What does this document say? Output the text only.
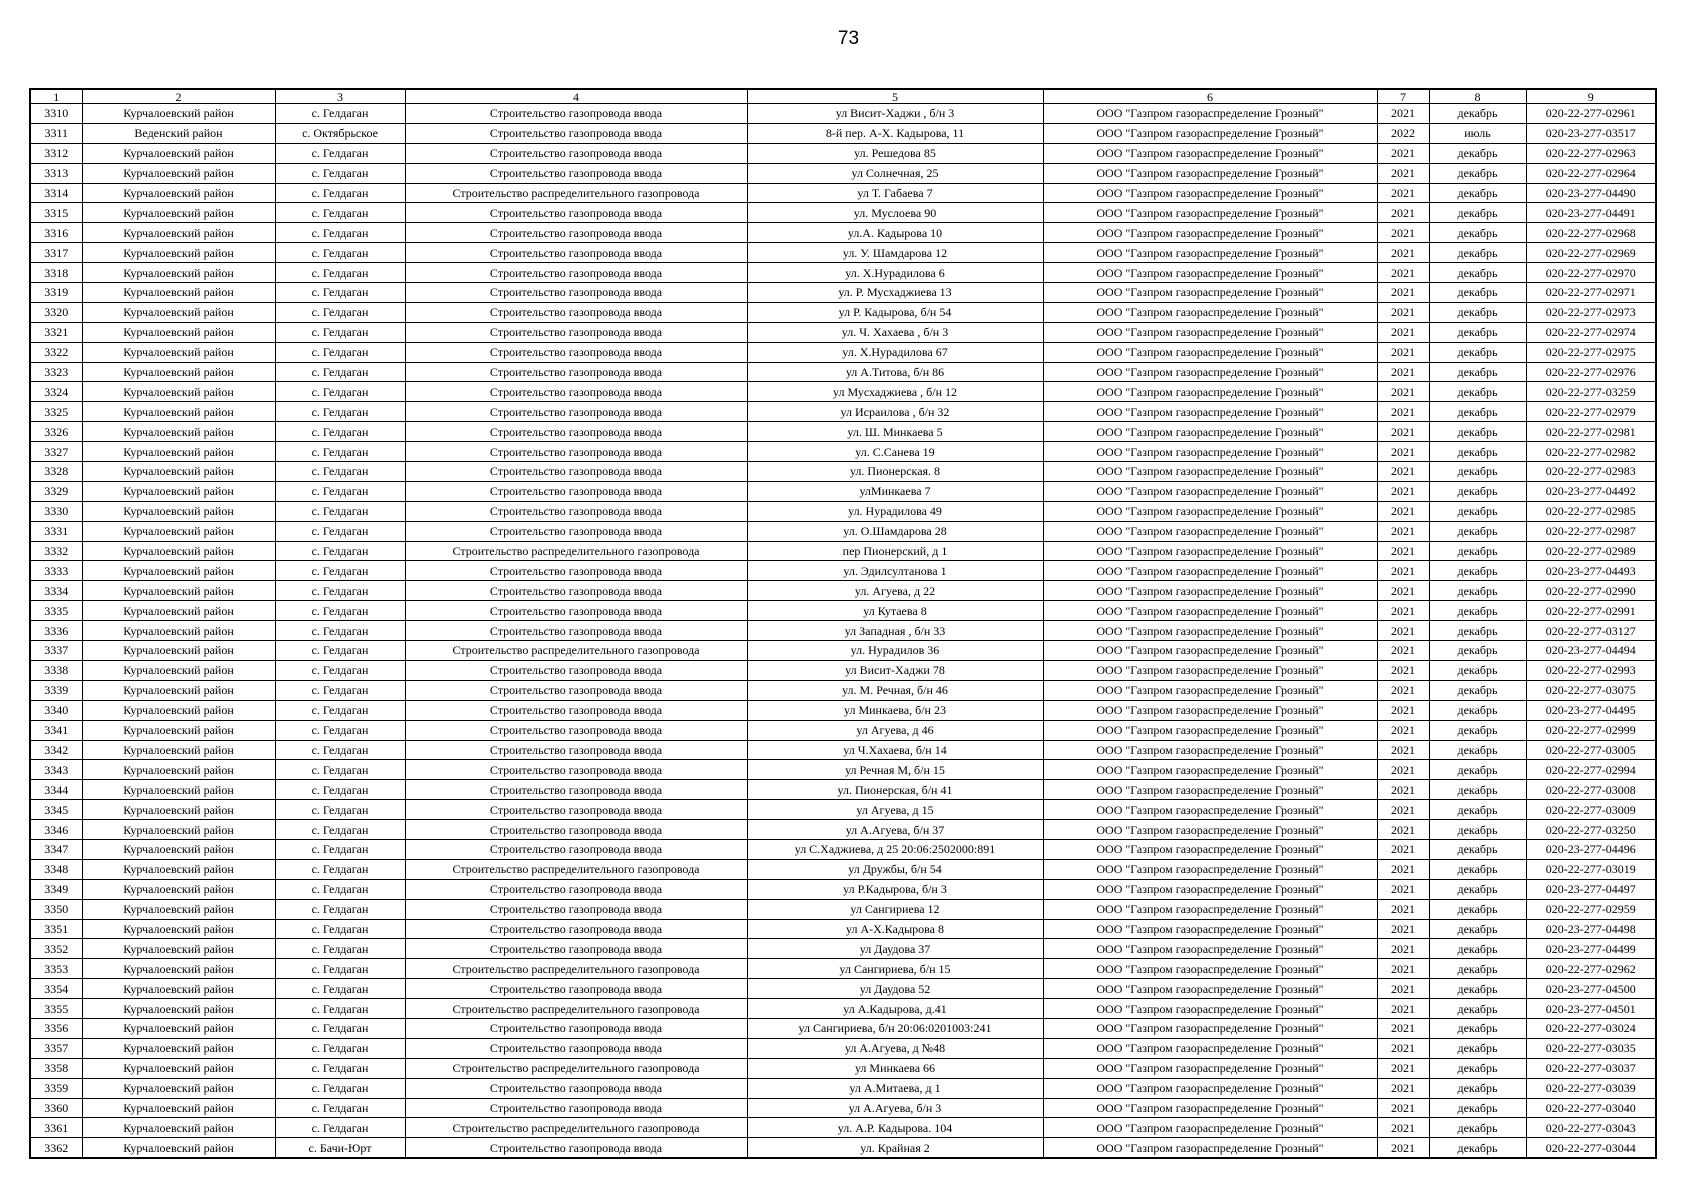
73
1	2	3	4	5	6	7	8	9
3310	Курчалоевский район	с. Гелдаган	Строительство газопровода ввода	ул Висит-Хаджи , б/н 3	ООО "Газпром газораспределение Грозный"	2021	декабрь	020-22-277-02961
3311	Веденский район	с. Октябрьское	Строительство газопровода ввода	8-й пер. А-Х. Кадырова, 11	ООО "Газпром газораспределение Грозный"	2022	июль	020-23-277-03517
3312	Курчалоевский район	с. Гелдаган	Строительство газопровода ввода	ул. Решедова 85	ООО "Газпром газораспределение Грозный"	2021	декабрь	020-22-277-02963
3313	Курчалоевский район	с. Гелдаган	Строительство газопровода ввода	ул Солнечная, 25	ООО "Газпром газораспределение Грозный"	2021	декабрь	020-22-277-02964
3314	Курчалоевский район	с. Гелдаган	Строительство распределительного газопровода	ул Т. Габаева 7	ООО "Газпром газораспределение Грозный"	2021	декабрь	020-23-277-04490
3315	Курчалоевский район	с. Гелдаган	Строительство газопровода ввода	ул. Муслоева 90	ООО "Газпром газораспределение Грозный"	2021	декабрь	020-23-277-04491
3316	Курчалоевский район	с. Гелдаган	Строительство газопровода ввода	ул.А. Кадырова 10	ООО "Газпром газораспределение Грозный"	2021	декабрь	020-22-277-02968
3317	Курчалоевский район	с. Гелдаган	Строительство газопровода ввода	ул. У. Шамдарова 12	ООО "Газпром газораспределение Грозный"	2021	декабрь	020-22-277-02969
3318	Курчалоевский район	с. Гелдаган	Строительство газопровода ввода	ул. Х.Нурадилова 6	ООО "Газпром газораспределение Грозный"	2021	декабрь	020-22-277-02970
3319	Курчалоевский район	с. Гелдаган	Строительство газопровода ввода	ул. Р. Мусхаджиева 13	ООО "Газпром газораспределение Грозный"	2021	декабрь	020-22-277-02971
3320	Курчалоевский район	с. Гелдаган	Строительство газопровода ввода	ул Р. Кадырова, б/н 54	ООО "Газпром газораспределение Грозный"	2021	декабрь	020-22-277-02973
3321	Курчалоевский район	с. Гелдаган	Строительство газопровода ввода	ул. Ч. Хахаева , б/н 3	ООО "Газпром газораспределение Грозный"	2021	декабрь	020-22-277-02974
3322	Курчалоевский район	с. Гелдаган	Строительство газопровода ввода	ул. Х.Нурадилова 67	ООО "Газпром газораспределение Грозный"	2021	декабрь	020-22-277-02975
3323	Курчалоевский район	с. Гелдаган	Строительство газопровода ввода	ул А.Титова, б/н 86	ООО "Газпром газораспределение Грозный"	2021	декабрь	020-22-277-02976
3324	Курчалоевский район	с. Гелдаган	Строительство газопровода ввода	ул Мусхаджиева , б/н 12	ООО "Газпром газораспределение Грозный"	2021	декабрь	020-22-277-03259
3325	Курчалоевский район	с. Гелдаган	Строительство газопровода ввода	ул Исраилова , б/н 32	ООО "Газпром газораспределение Грозный"	2021	декабрь	020-22-277-02979
3326	Курчалоевский район	с. Гелдаган	Строительство газопровода ввода	ул. Ш. Минкаева 5	ООО "Газпром газораспределение Грозный"	2021	декабрь	020-22-277-02981
3327	Курчалоевский район	с. Гелдаган	Строительство газопровода ввода	ул. С.Санева 19	ООО "Газпром газораспределение Грозный"	2021	декабрь	020-22-277-02982
3328	Курчалоевский район	с. Гелдаган	Строительство газопровода ввода	ул. Пионерская. 8	ООО "Газпром газораспределение Грозный"	2021	декабрь	020-22-277-02983
3329	Курчалоевский район	с. Гелдаган	Строительство газопровода ввода	улМинкаева 7	ООО "Газпром газораспределение Грозный"	2021	декабрь	020-23-277-04492
3330	Курчалоевский район	с. Гелдаган	Строительство газопровода ввода	ул. Нурадилова 49	ООО "Газпром газораспределение Грозный"	2021	декабрь	020-22-277-02985
3331	Курчалоевский район	с. Гелдаган	Строительство газопровода ввода	ул. О.Шамдарова 28	ООО "Газпром газораспределение Грозный"	2021	декабрь	020-22-277-02987
3332	Курчалоевский район	с. Гелдаган	Строительство распределительного газопровода	пер Пионерский, д 1	ООО "Газпром газораспределение Грозный"	2021	декабрь	020-22-277-02989
3333	Курчалоевский район	с. Гелдаган	Строительство газопровода ввода	ул. Эдилсултанова 1	ООО "Газпром газораспределение Грозный"	2021	декабрь	020-23-277-04493
3334	Курчалоевский район	с. Гелдаган	Строительство газопровода ввода	ул. Агуева, д 22	ООО "Газпром газораспределение Грозный"	2021	декабрь	020-22-277-02990
3335	Курчалоевский район	с. Гелдаган	Строительство газопровода ввода	ул Кутаева 8	ООО "Газпром газораспределение Грозный"	2021	декабрь	020-22-277-02991
3336	Курчалоевский район	с. Гелдаган	Строительство газопровода ввода	ул Западная , б/н 33	ООО "Газпром газораспределение Грозный"	2021	декабрь	020-22-277-03127
3337	Курчалоевский район	с. Гелдаган	Строительство распределительного газопровода	ул. Нурадилов 36	ООО "Газпром газораспределение Грозный"	2021	декабрь	020-23-277-04494
3338	Курчалоевский район	с. Гелдаган	Строительство газопровода ввода	ул Висит-Хаджи 78	ООО "Газпром газораспределение Грозный"	2021	декабрь	020-22-277-02993
3339	Курчалоевский район	с. Гелдаган	Строительство газопровода ввода	ул. М. Речная, б/н 46	ООО "Газпром газораспределение Грозный"	2021	декабрь	020-22-277-03075
3340	Курчалоевский район	с. Гелдаган	Строительство газопровода ввода	ул Минкаева, б/н 23	ООО "Газпром газораспределение Грозный"	2021	декабрь	020-23-277-04495
3341	Курчалоевский район	с. Гелдаган	Строительство газопровода ввода	ул Агуева, д 46	ООО "Газпром газораспределение Грозный"	2021	декабрь	020-22-277-02999
3342	Курчалоевский район	с. Гелдаган	Строительство газопровода ввода	ул Ч.Хахаева, б/н 14	ООО "Газпром газораспределение Грозный"	2021	декабрь	020-22-277-03005
3343	Курчалоевский район	с. Гелдаган	Строительство газопровода ввода	ул Речная М, б/н 15	ООО "Газпром газораспределение Грозный"	2021	декабрь	020-22-277-02994
3344	Курчалоевский район	с. Гелдаган	Строительство газопровода ввода	ул. Пионерская, б/н 41	ООО "Газпром газораспределение Грозный"	2021	декабрь	020-22-277-03008
3345	Курчалоевский район	с. Гелдаган	Строительство газопровода ввода	ул Агуева, д 15	ООО "Газпром газораспределение Грозный"	2021	декабрь	020-22-277-03009
3346	Курчалоевский район	с. Гелдаган	Строительство газопровода ввода	ул А.Агуева, б/н 37	ООО "Газпром газораспределение Грозный"	2021	декабрь	020-22-277-03250
3347	Курчалоевский район	с. Гелдаган	Строительство газопровода ввода	ул С.Хаджиева, д 25 20:06:2502000:891	ООО "Газпром газораспределение Грозный"	2021	декабрь	020-23-277-04496
3348	Курчалоевский район	с. Гелдаган	Строительство распределительного газопровода	ул Дружбы, б/н 54	ООО "Газпром газораспределение Грозный"	2021	декабрь	020-22-277-03019
3349	Курчалоевский район	с. Гелдаган	Строительство газопровода ввода	ул Р.Кадырова, б/н 3	ООО "Газпром газораспределение Грозный"	2021	декабрь	020-23-277-04497
3350	Курчалоевский район	с. Гелдаган	Строительство газопровода ввода	ул Сангириева 12	ООО "Газпром газораспределение Грозный"	2021	декабрь	020-22-277-02959
3351	Курчалоевский район	с. Гелдаган	Строительство газопровода ввода	ул А-Х.Кадырова 8	ООО "Газпром газораспределение Грозный"	2021	декабрь	020-23-277-04498
3352	Курчалоевский район	с. Гелдаган	Строительство газопровода ввода	ул Даудова 37	ООО "Газпром газораспределение Грозный"	2021	декабрь	020-23-277-04499
3353	Курчалоевский район	с. Гелдаган	Строительство распределительного газопровода	ул Сангириева, б/н 15	ООО "Газпром газораспределение Грозный"	2021	декабрь	020-22-277-02962
3354	Курчалоевский район	с. Гелдаган	Строительство газопровода ввода	ул Даудова 52	ООО "Газпром газораспределение Грозный"	2021	декабрь	020-23-277-04500
3355	Курчалоевский район	с. Гелдаган	Строительство распределительного газопровода	ул А.Кадырова, д.41	ООО "Газпром газораспределение Грозный"	2021	декабрь	020-23-277-04501
3356	Курчалоевский район	с. Гелдаган	Строительство газопровода ввода	ул Сангириева, б/н 20:06:0201003:241	ООО "Газпром газораспределение Грозный"	2021	декабрь	020-22-277-03024
3357	Курчалоевский район	с. Гелдаган	Строительство газопровода ввода	ул А.Агуева, д №48	ООО "Газпром газораспределение Грозный"	2021	декабрь	020-22-277-03035
3358	Курчалоевский район	с. Гелдаган	Строительство распределительного газопровода	ул Минкаева 66	ООО "Газпром газораспределение Грозный"	2021	декабрь	020-22-277-03037
3359	Курчалоевский район	с. Гелдаган	Строительство газопровода ввода	ул А.Митаева, д 1	ООО "Газпром газораспределение Грозный"	2021	декабрь	020-22-277-03039
3360	Курчалоевский район	с. Гелдаган	Строительство газопровода ввода	ул А.Агуева, б/н 3	ООО "Газпром газораспределение Грозный"	2021	декабрь	020-22-277-03040
3361	Курчалоевский район	с. Гелдаган	Строительство распределительного газопровода	ул. А.Р. Кадырова. 104	ООО "Газпром газораспределение Грозный"	2021	декабрь	020-22-277-03043
3362	Курчалоевский район	с. Бачи-Юрт	Строительство газопровода ввода	ул. Крайная 2	ООО "Газпром газораспределение Грозный"	2021	декабрь	020-22-277-03044
